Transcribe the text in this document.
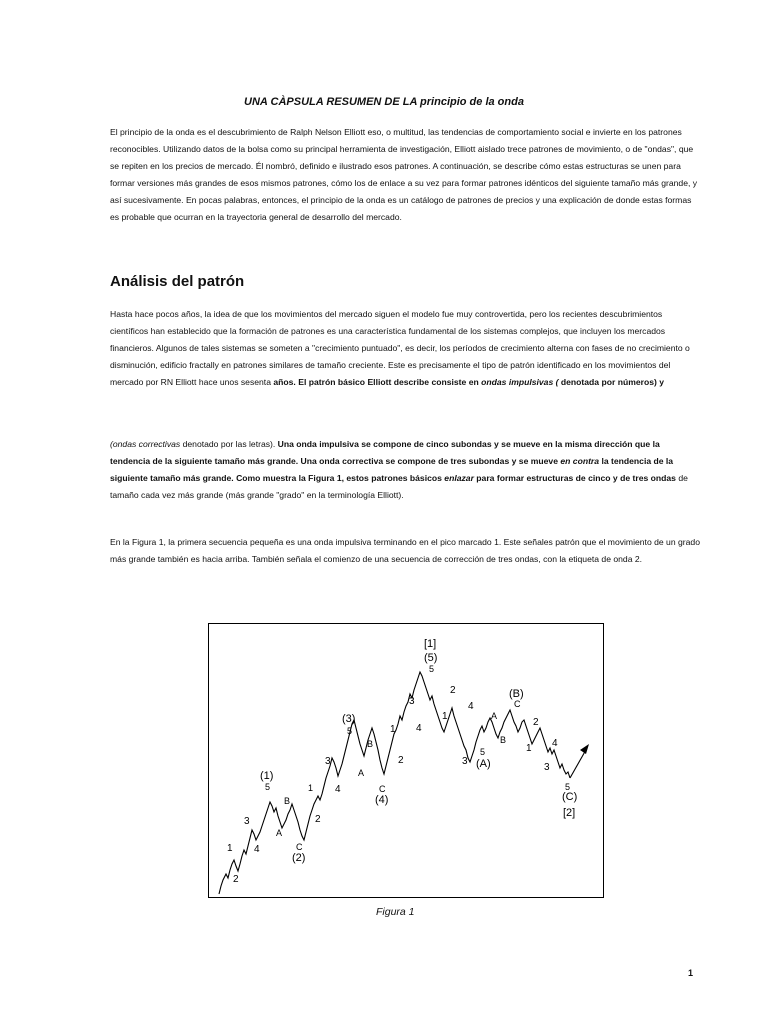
UNA CÀPSULA RESUMEN DE LA principio de la onda
El principio de la onda es el descubrimiento de Ralph Nelson Elliott eso, o multitud, las tendencias de comportamiento social e invierte en los patrones reconocibles. Utilizando datos de la bolsa como su principal herramienta de investigación, Elliott aislado trece patrones de movimiento, o de "ondas", que se repiten en los precios de mercado. Él nombró, definido e ilustrado esos patrones. A continuación, se describe cómo estas estructuras se unen para formar versiones más grandes de esos mismos patrones, cómo los de enlace a su vez para formar patrones idénticos del siguiente tamaño más grande, y así sucesivamente. En pocas palabras, entonces, el principio de la onda es un catálogo de patrones de precios y una explicación de donde estas formas es probable que ocurran en la trayectoria general de desarrollo del mercado.
Análisis del patrón
Hasta hace pocos años, la idea de que los movimientos del mercado siguen el modelo fue muy controvertida, pero los recientes descubrimientos científicos han establecido que la formación de patrones es una característica fundamental de los sistemas complejos, que incluyen los mercados financieros. Algunos de tales sistemas se someten a "crecimiento puntuado", es decir, los períodos de crecimiento alterna con fases de no crecimiento o disminución, edificio fractally en patrones similares de tamaño creciente. Este es precisamente el tipo de patrón identificado en los movimientos del mercado por RN Elliott hace unos sesenta años. El patrón básico Elliott describe consiste en ondas impulsivas ( denotada por números) y
(ondas correctivas denotado por las letras). Una onda impulsiva se compone de cinco subondas y se mueve en la misma dirección que la tendencia de la siguiente tamaño más grande. Una onda correctiva se compone de tres subondas y se mueve en contra la tendencia de la siguiente tamaño más grande. Como muestra la Figura 1, estos patrones básicos enlazar para formar estructuras de cinco y de tres ondas de tamaño cada vez más grande (más grande "grado" en la terminología Elliott).
En la Figura 1, la primera secuencia pequeña es una onda impulsiva terminando en el pico marcado 1. Este señales patrón que el movimiento de un grado más grande también es hacia arriba. También señala el comienzo de una secuencia de corrección de tres ondas, con la etiqueta de onda 2.
1
2
3
4
(1)
5
A
B
C
(2)
1
2
3
4
(3)
5
A
B
C
(4)
1
2
3
4
[1]
(5)
5
1
2
3
4
5
(A)
A
B
C
(B)
1
2
3
4
5
(C)
[2]
Figura 1
1
